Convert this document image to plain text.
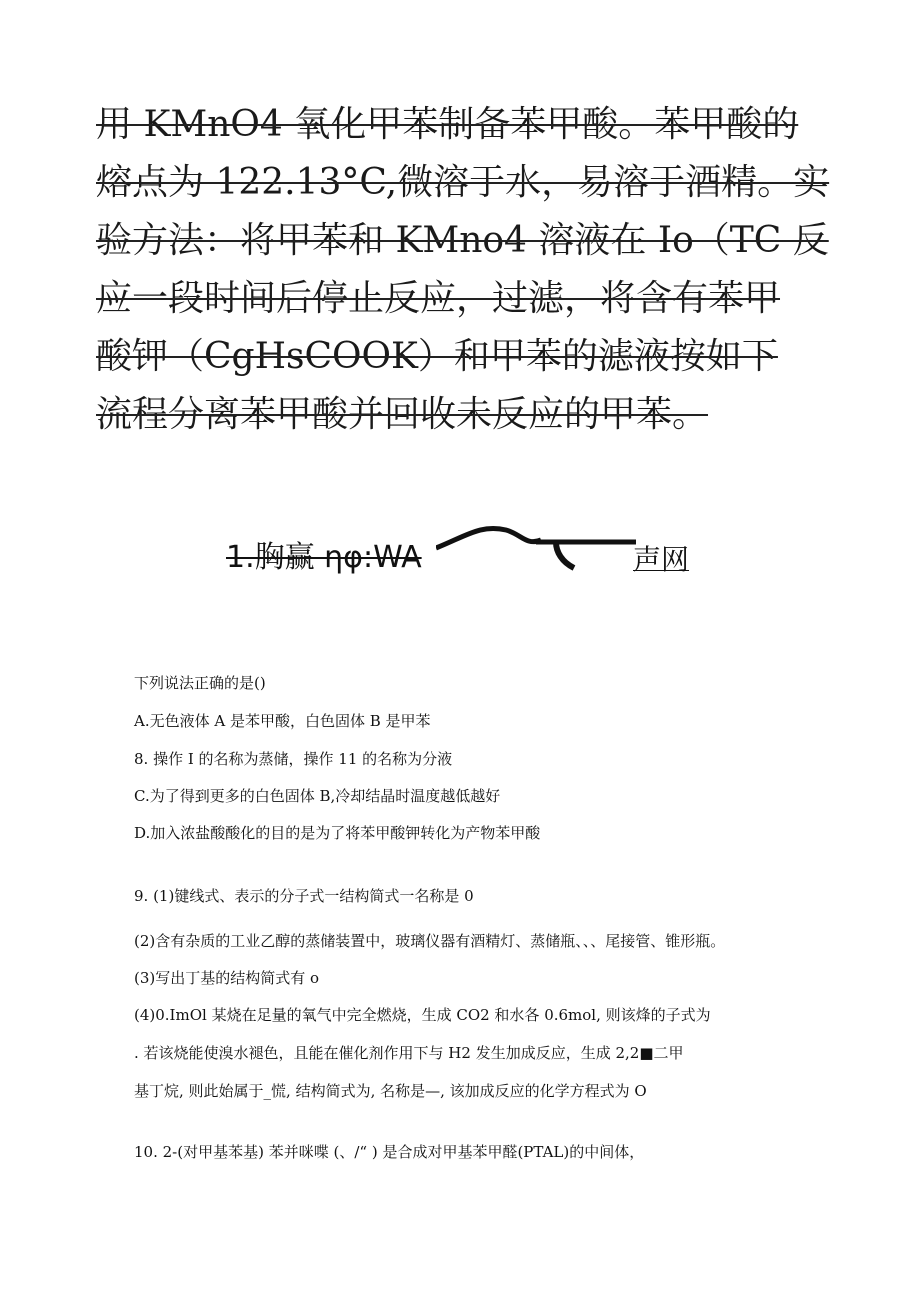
用 KMnO4 氧化甲苯制备苯甲酸。苯甲酸的
熔点为 122.13°C,微溶于水，易溶于酒精。实
验方法：将甲苯和 KMno4 溶液在 Io（TC 反
应一段时间后停止反应，过滤，将含有苯甲
酸钾（CgHsCOOK）和甲苯的滤液按如下
流程分离苯甲酸并回收未反应的甲苯。
1.胸赢 ηφ:WA	声网
下列说法正确的是()
A.无色液体 A 是苯甲酸，白色固体 B 是甲苯
8. 操作 I 的名称为蒸储，操作 11 的名称为分液
C.为了得到更多的白色固体 B,冷却结晶时温度越低越好
D.加入浓盐酸酸化的目的是为了将苯甲酸钾转化为产物苯甲酸
9. (1)键线式、表示的分子式一结构简式一名称是 0
(2)含有杂质的工业乙醇的蒸储装置中，玻璃仪器有酒精灯、蒸储瓶、、、尾接管、锥形瓶。
(3)写出丁基的结构简式有 o
(4)0.ImOl 某烧在足量的氧气中完全燃烧，生成 CO2 和水各 0.6mol, 则该烽的子式为
. 若该烧能使溴水褪色，且能在催化剂作用下与 H2 发生加成反应，生成 2,2■二甲
基丁烷, 则此始属于_慌, 结构简式为, 名称是—, 该加成反应的化学方程式为 O
10. 2-(对甲基苯基) 苯并咪喋 (、/“ ) 是合成对甲基苯甲醛(PTAL)的中间体，
